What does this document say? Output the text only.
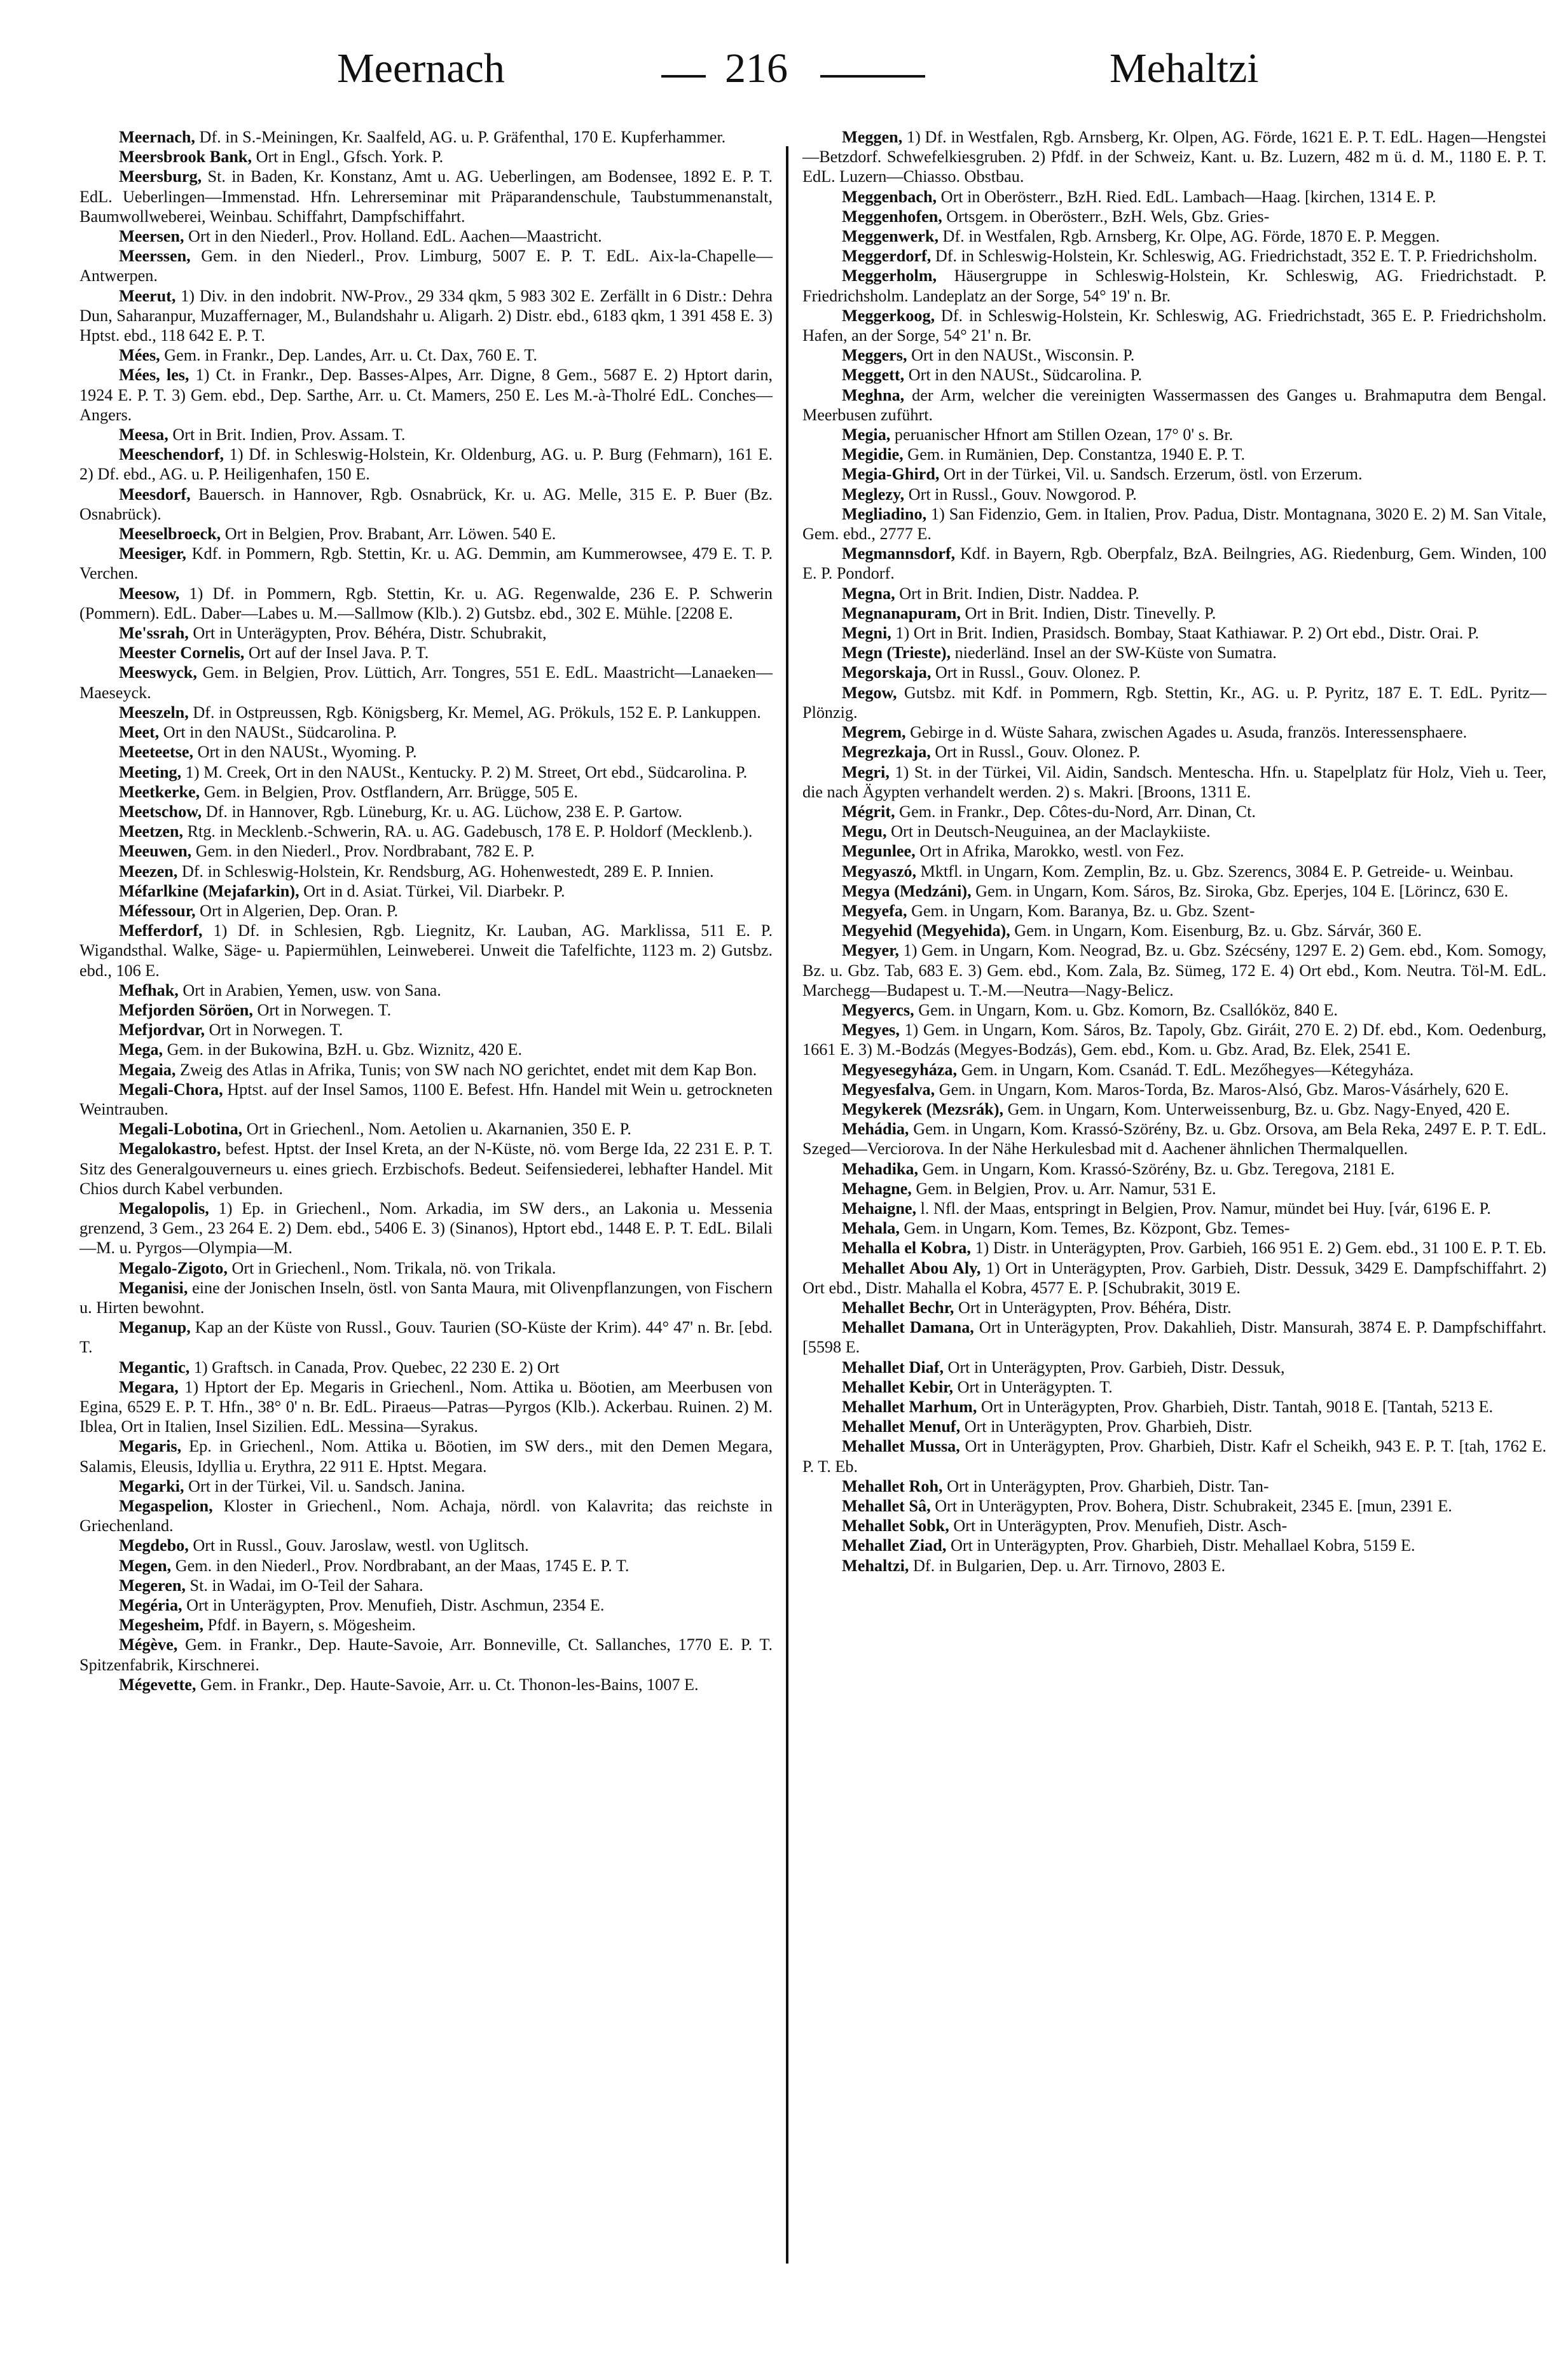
Meernach	216	Mehaltzi

Meernach, Df. in S.-Meiningen, Kr. Saalfeld, AG. u. P. Gräfenthal, 170 E. Kupferhammer.

Meersbrook Bank, Ort in Engl., Gfsch. York. P.

Meersburg, St. in Baden, Kr. Konstanz, Amt u. AG. Ueberlingen, am Bodensee, 1892 E. P. T. EdL. Ueberlingen—Immenstad. Hfn. Lehrerseminar mit Präparandenschule, Taubstummenanstalt, Baumwollweberei, Weinbau. Schiffahrt, Dampfschiffahrt.

Meersen, Ort in den Niederl., Prov. Holland. EdL. Aachen—Maastricht.

Meerssen, Gem. in den Niederl., Prov. Limburg, 5007 E. P. T. EdL. Aix-la-Chapelle—Antwerpen.

Meerut, 1) Div. in den indobrit. NW-Prov., 29 334 qkm, 5 983 302 E. Zerfällt in 6 Distr.: Dehra Dun, Saharanpur, Muzaffernager, M., Bulandshahr u. Aligarh. 2) Distr. ebd., 6183 qkm, 1 391 458 E. 3) Hptst. ebd., 118 642 E. P. T.

Mées, Gem. in Frankr., Dep. Landes, Arr. u. Ct. Dax, 760 E. T.

Mées, les, 1) Ct. in Frankr., Dep. Basses-Alpes, Arr. Digne, 8 Gem., 5687 E. 2) Hptort darin, 1924 E. P. T. 3) Gem. ebd., Dep. Sarthe, Arr. u. Ct. Mamers, 250 E. Les M.-à-Tholré EdL. Conches—Angers.

Meesa, Ort in Brit. Indien, Prov. Assam. T.

Meeschendorf, 1) Df. in Schleswig-Holstein, Kr. Oldenburg, AG. u. P. Burg (Fehmarn), 161 E. 2) Df. ebd., AG. u. P. Heiligenhafen, 150 E.

Meesdorf, Bauersch. in Hannover, Rgb. Osnabrück, Kr. u. AG. Melle, 315 E. P. Buer (Bz. Osnabrück).

Meeselbroeck, Ort in Belgien, Prov. Brabant, Arr. Löwen. 540 E.

Meesiger, Kdf. in Pommern, Rgb. Stettin, Kr. u. AG. Demmin, am Kummerowsee, 479 E. T. P. Verchen.

Meesow, 1) Df. in Pommern, Rgb. Stettin, Kr. u. AG. Regenwalde, 236 E. P. Schwerin (Pommern). EdL. Daber—Labes u. M.—Sallmow (Klb.). 2) Gutsbz. ebd., 302 E. Mühle. [2208 E.

Me'ssrah, Ort in Unterägypten, Prov. Béhéra, Distr. Schubrakit,

Meester Cornelis, Ort auf der Insel Java. P. T.

Meeswyck, Gem. in Belgien, Prov. Lüttich, Arr. Tongres, 551 E. EdL. Maastricht—Lanaeken—Maeseyck.

Meeszeln, Df. in Ostpreussen, Rgb. Königsberg, Kr. Memel, AG. Prökuls, 152 E. P. Lankuppen.

Meet, Ort in den NAUSt., Südcarolina. P.

Meeteetse, Ort in den NAUSt., Wyoming. P.

Meeting, 1) M. Creek, Ort in den NAUSt., Kentucky. P. 2) M. Street, Ort ebd., Südcarolina. P.

Meetkerke, Gem. in Belgien, Prov. Ostflandern, Arr. Brügge, 505 E.

Meetschow, Df. in Hannover, Rgb. Lüneburg, Kr. u. AG. Lüchow, 238 E. P. Gartow.

Meetzen, Rtg. in Mecklenb.-Schwerin, RA. u. AG. Gadebusch, 178 E. P. Holdorf (Mecklenb.).

Meeuwen, Gem. in den Niederl., Prov. Nordbrabant, 782 E. P.

Meezen, Df. in Schleswig-Holstein, Kr. Rendsburg, AG. Hohenwestedt, 289 E. P. Innien.

Méfarlkine (Mejafarkin), Ort in d. Asiat. Türkei, Vil. Diarbekr. P.

Méfessour, Ort in Algerien, Dep. Oran. P.

Mefferdorf, 1) Df. in Schlesien, Rgb. Liegnitz, Kr. Lauban, AG. Marklissa, 511 E. P. Wigandsthal. Walke, Säge- u. Papiermühlen, Leinweberei. Unweit die Tafelfichte, 1123 m. 2) Gutsbz. ebd., 106 E.

Mefhak, Ort in Arabien, Yemen, usw. von Sana.

Mefjorden Söröen, Ort in Norwegen. T.

Mefjordvar, Ort in Norwegen. T.

Mega, Gem. in der Bukowina, BzH. u. Gbz. Wiznitz, 420 E.

Megaia, Zweig des Atlas in Afrika, Tunis; von SW nach NO gerichtet, endet mit dem Kap Bon.

Megali-Chora, Hptst. auf der Insel Samos, 1100 E. Befest. Hfn. Handel mit Wein u. getrockneten Weintrauben.

Megali-Lobotina, Ort in Griechenl., Nom. Aetolien u. Akarnanien, 350 E. P.

Megalokastro, befest. Hptst. der Insel Kreta, an der N-Küste, nö. vom Berge Ida, 22 231 E. P. T. Sitz des Generalgouverneurs u. eines griech. Erzbischofs. Bedeut. Seifensiederei, lebhafter Handel. Mit Chios durch Kabel verbunden.

Megalopolis, 1) Ep. in Griechenl., Nom. Arkadia, im SW ders., an Lakonia u. Messenia grenzend, 3 Gem., 23 264 E. 2) Dem. ebd., 5406 E. 3) (Sinanos), Hptort ebd., 1448 E. P. T. EdL. Bilali—M. u. Pyrgos—Olympia—M.

Megalo-Zigoto, Ort in Griechenl., Nom. Trikala, nö. von Trikala.

Meganisi, eine der Jonischen Inseln, östl. von Santa Maura, mit Olivenpflanzungen, von Fischern u. Hirten bewohnt.

Meganup, Kap an der Küste von Russl., Gouv. Taurien (SO-Küste der Krim). 44° 47' n. Br. [ebd. T.

Megantic, 1) Graftsch. in Canada, Prov. Quebec, 22 230 E. 2) Ort

Megara, 1) Hptort der Ep. Megaris in Griechenl., Nom. Attika u. Böotien, am Meerbusen von Egina, 6529 E. P. T. Hfn., 38° 0' n. Br. EdL. Piraeus—Patras—Pyrgos (Klb.). Ackerbau. Ruinen. 2) M. Iblea, Ort in Italien, Insel Sizilien. EdL. Messina—Syrakus.

Megaris, Ep. in Griechenl., Nom. Attika u. Böotien, im SW ders., mit den Demen Megara, Salamis, Eleusis, Idyllia u. Erythra, 22 911 E. Hptst. Megara.

Megarki, Ort in der Türkei, Vil. u. Sandsch. Janina.

Megaspelion, Kloster in Griechenl., Nom. Achaja, nördl. von Kalavrita; das reichste in Griechenland.

Megdebo, Ort in Russl., Gouv. Jaroslaw, westl. von Uglitsch.

Megen, Gem. in den Niederl., Prov. Nordbrabant, an der Maas, 1745 E. P. T.

Megeren, St. in Wadai, im O-Teil der Sahara.

Megéria, Ort in Unterägypten, Prov. Menufieh, Distr. Aschmun, 2354 E.

Megesheim, Pfdf. in Bayern, s. Mögesheim.

Mégève, Gem. in Frankr., Dep. Haute-Savoie, Arr. Bonneville, Ct. Sallanches, 1770 E. P. T. Spitzenfabrik, Kirschnerei.

Mégevette, Gem. in Frankr., Dep. Haute-Savoie, Arr. u. Ct. Thonon-les-Bains, 1007 E.

Meggen, 1) Df. in Westfalen, Rgb. Arnsberg, Kr. Olpen, AG. Förde, 1621 E. P. T. EdL. Hagen—Hengstei—Betzdorf. Schwefelkiesgruben. 2) Pfdf. in der Schweiz, Kant. u. Bz. Luzern, 482 m ü. d. M., 1180 E. P. T. EdL. Luzern—Chiasso. Obstbau.

Meggenbach, Ort in Oberösterr., BzH. Ried. EdL. Lambach—Haag. [kirchen, 1314 E. P.

Meggenhofen, Ortsgem. in Oberösterr., BzH. Wels, Gbz. Gries-

Meggenwerk, Df. in Westfalen, Rgb. Arnsberg, Kr. Olpe, AG. Förde, 1870 E. P. Meggen.

Meggerdorf, Df. in Schleswig-Holstein, Kr. Schleswig, AG. Friedrichstadt, 352 E. T. P. Friedrichsholm.

Meggerholm, Häusergruppe in Schleswig-Holstein, Kr. Schleswig, AG. Friedrichstadt. P. Friedrichsholm. Landeplatz an der Sorge, 54° 19' n. Br.

Meggerkoog, Df. in Schleswig-Holstein, Kr. Schleswig, AG. Friedrichstadt, 365 E. P. Friedrichsholm. Hafen, an der Sorge, 54° 21' n. Br.

Meggers, Ort in den NAUSt., Wisconsin. P.

Meggett, Ort in den NAUSt., Südcarolina. P.

Meghna, der Arm, welcher die vereinigten Wassermassen des Ganges u. Brahmaputra dem Bengal. Meerbusen zuführt.

Megia, peruanischer Hfnort am Stillen Ozean, 17° 0' s. Br.

Megidie, Gem. in Rumänien, Dep. Constantza, 1940 E. P. T.

Megia-Ghird, Ort in der Türkei, Vil. u. Sandsch. Erzerum, östl. von Erzerum.

Meglezy, Ort in Russl., Gouv. Nowgorod. P.

Megliadino, 1) San Fidenzio, Gem. in Italien, Prov. Padua, Distr. Montagnana, 3020 E. 2) M. San Vitale, Gem. ebd., 2777 E.

Megmannsdorf, Kdf. in Bayern, Rgb. Oberpfalz, BzA. Beilngries, AG. Riedenburg, Gem. Winden, 100 E. P. Pondorf.

Megna, Ort in Brit. Indien, Distr. Naddea. P.

Megnanapuram, Ort in Brit. Indien, Distr. Tinevelly. P.

Megni, 1) Ort in Brit. Indien, Prasidsch. Bombay, Staat Kathiawar. P. 2) Ort ebd., Distr. Orai. P.

Megn (Trieste), niederländ. Insel an der SW-Küste von Sumatra.

Megorskaja, Ort in Russl., Gouv. Olonez. P.

Megow, Gutsbz. mit Kdf. in Pommern, Rgb. Stettin, Kr., AG. u. P. Pyritz, 187 E. T. EdL. Pyritz—Plönzig.

Megrem, Gebirge in d. Wüste Sahara, zwischen Agades u. Asuda, französ. Interessensphaere.

Megrezkaja, Ort in Russl., Gouv. Olonez. P.

Megri, 1) St. in der Türkei, Vil. Aidin, Sandsch. Menteschа. Hfn. u. Stapelplatz für Holz, Vieh u. Teer, die nach Ägypten verhandelt werden. 2) s. Makri. [Broons, 1311 E.

Mégrit, Gem. in Frankr., Dep. Côtes-du-Nord, Arr. Dinan, Ct.

Megu, Ort in Deutsch-Neuguinea, an der Maclaykiiste.

Megunlee, Ort in Afrika, Marokko, westl. von Fez.

Megyaszó, Mktfl. in Ungarn, Kom. Zemplin, Bz. u. Gbz. Szerencs, 3084 E. P. Getreide- u. Weinbau.

Megya (Medzáni), Gem. in Ungarn, Kom. Sáros, Bz. Sirokа, Gbz. Eperjes, 104 E. [Lörincz, 630 E.

Megyefa, Gem. in Ungarn, Kom. Baranya, Bz. u. Gbz. Szent-

Megyehid (Megyehida), Gem. in Ungarn, Kom. Eisenburg, Bz. u. Gbz. Sárvár, 360 E.

Megyer, 1) Gem. in Ungarn, Kom. Neograd, Bz. u. Gbz. Szécsény, 1297 E. 2) Gem. ebd., Kom. Somogy, Bz. u. Gbz. Tab, 683 E. 3) Gem. ebd., Kom. Zala, Bz. Sümeg, 172 E. 4) Ort ebd., Kom. Neutra. Töl-M. EdL. Marchegg—Budapest u. T.-M.—Neutra—Nagy-Belicz.

Megyercs, Gem. in Ungarn, Kom. u. Gbz. Komorn, Bz. Csallóköz, 840 E.

Megyes, 1) Gem. in Ungarn, Kom. Sáros, Bz. Tapoly, Gbz. Giráit, 270 E. 2) Df. ebd., Kom. Oedenburg, 1661 E. 3) M.-Bodzás (Megyes-Bodzás), Gem. ebd., Kom. u. Gbz. Arad, Bz. Elek, 2541 E.

Megyesegyháza, Gem. in Ungarn, Kom. Csanád. T. EdL. Mezőhegyes—Kétegyháza.

Megyesfalva, Gem. in Ungarn, Kom. Maros-Torda, Bz. Maros-Alsó, Gbz. Maros-Vásárhely, 620 E.

Megykerek (Mezsrák), Gem. in Ungarn, Kom. Unterweissenburg, Bz. u. Gbz. Nagy-Enyed, 420 E.

Mehádia, Gem. in Ungarn, Kom. Krassó-Szörény, Bz. u. Gbz. Orsova, am Bela Reka, 2497 E. P. T. EdL. Szeged—Verciorova. In der Nähe Herkulesbad mit d. Aachener ähnlichen Thermalquellen.

Mehadika, Gem. in Ungarn, Kom. Krassó-Szörény, Bz. u. Gbz. Teregova, 2181 E.

Mehagne, Gem. in Belgien, Prov. u. Arr. Namur, 531 E.

Mehaigne, l. Nfl. der Maas, entspringt in Belgien, Prov. Namur, mündet bei Huy. [vár, 6196 E. P.

Mehala, Gem. in Ungarn, Kom. Temes, Bz. Központ, Gbz. Temes-

Mehalla el Kobra, 1) Distr. in Unterägypten, Prov. Garbieh, 166 951 E. 2) Gem. ebd., 31 100 E. P. T. Eb.

Mehallet Abou Aly, 1) Ort in Unterägypten, Prov. Garbieh, Distr. Dessuk, 3429 E. Dampfschiffahrt. 2) Ort ebd., Distr. Mahalla el Kobra, 4577 E. P. [Schubrakit, 3019 E.

Mehallet Bechr, Ort in Unterägypten, Prov. Béhéra, Distr.

Mehallet Damana, Ort in Unterägypten, Prov. Dakahlieh, Distr. Mansurah, 3874 E. P. Dampfschiffahrt. [5598 E.

Mehallet Diaf, Ort in Unterägypten, Prov. Garbieh, Distr. Dessuk,

Mehallet Kebir, Ort in Unterägypten. T.

Mehallet Marhum, Ort in Unterägypten, Prov. Gharbieh, Distr. Tantah, 9018 E. [Tantah, 5213 E.

Mehallet Menuf, Ort in Unterägypten, Prov. Gharbieh, Distr.

Mehallet Mussa, Ort in Unterägypten, Prov. Gharbieh, Distr. Kafr el Scheikh, 943 E. P. T. [tah, 1762 E. P. T. Eb.

Mehallet Roh, Ort in Unterägypten, Prov. Gharbieh, Distr. Tan-

Mehallet Sâ, Ort in Unterägypten, Prov. Bohera, Distr. Schubrakeit, 2345 E. [mun, 2391 E.

Mehallet Sobk, Ort in Unterägypten, Prov. Menufieh, Distr. Asch-

Mehallet Ziad, Ort in Unterägypten, Prov. Gharbieh, Distr. Mehallael Kobra, 5159 E.

Mehaltzi, Df. in Bulgarien, Dep. u. Arr. Tirnovo, 2803 E.
